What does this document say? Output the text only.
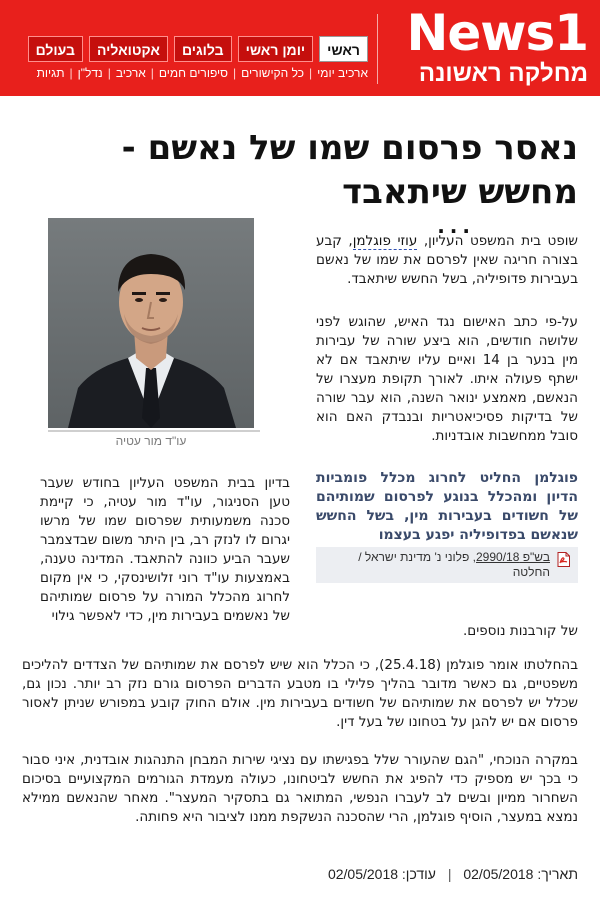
News1
מחלקה ראשונה
ראשי
יומן ראשי
בלוגים
אקטואליה
בעולם
ארכיב יומי
|
כל הקישורים
|
סיפורים חמים
|
ארכיב
|
נדל"ן
|
תגיות
נאסר פרסום שמו של נאשם - מחשש שיתאבד
...
עו"ד מור עטיה

שופט בית המשפט העליון, עוזי פוגלמן, קבע בצורה חריגה שאין לפרסם את שמו של נאשם בעבירות פדופיליה, בשל החשש שיתאבד.

על-פי כתב האישום נגד האיש, שהוגש לפני שלושה חודשים, הוא ביצע שורה של עבירות מין בנער בן 14 ואיים עליו שיתאבד אם לא ישתף פעולה איתו. לאורך תקופת מעצרו של הנאשם, מאמצע ינואר השנה, הוא עבר שורה של בדיקות פסיכיאטריות ובנבדק האם הוא סובל ממחשבות אובדניות.

פוגלמן החליט לחרוג מכלל פומביות הדיון ומהכלל בנוגע לפרסום שמותיהם של חשודים בעבירות מין, בשל החשש שנאשם בפדופיליה יפגע בעצמו

בש"פ 2990/18, פלוני נ' מדינת ישראל / החלטה

בדיון בבית המשפט העליון בחודש שעבר טען הסניגור, עו"ד מור עטיה, כי קיימת סכנה משמעותית שפרסום שמו של מרשו יגרום לו לנזק רב, בין היתר משום שבדצמבר שעבר הביע כוונה להתאבד. המדינה טענה, באמצעות עו"ד רוני זלושינסקי, כי אין מקום לחרוג מהכלל המורה על פרסום שמותיהם של נאשמים בעבירות מין, כדי לאפשר גילוי

של קורבנות נוספים.

בהחלטתו אומר פוגלמן (25.4.18), כי הכלל הוא שיש לפרסם את שמותיהם של הצדדים להליכים משפטיים, גם כאשר מדובר בהליך פלילי בו מטבע הדברים הפרסום גורם נזק רב יותר. נכון גם, שכלל יש לפרסם את שמותיהם של חשודים בעבירות מין. אולם החוק קובע במפורש שניתן לאסור פרסום אם יש להגן על בטחונו של בעל דין.

במקרה הנוכחי, "הגם שהעורר שלל בפגישתו עם נציגי שירות המבחן התנהגות אובדנית, איני סבור כי בכך יש מספיק כדי להפיג את החשש לביטחונו, כעולה מעמדת הגורמים המקצועיים בסיכום השחרור ממיון ובשים לב לעברו הנפשי, המתואר גם בתסקיר המעצר". מאחר שהנאשם ממילא נמצא במעצר, הוסיף פוגלמן, הרי שהסכנה הנשקפת ממנו לציבור היא פחותה.

תאריך: 02/05/2018 | עודכן: 02/05/2018
